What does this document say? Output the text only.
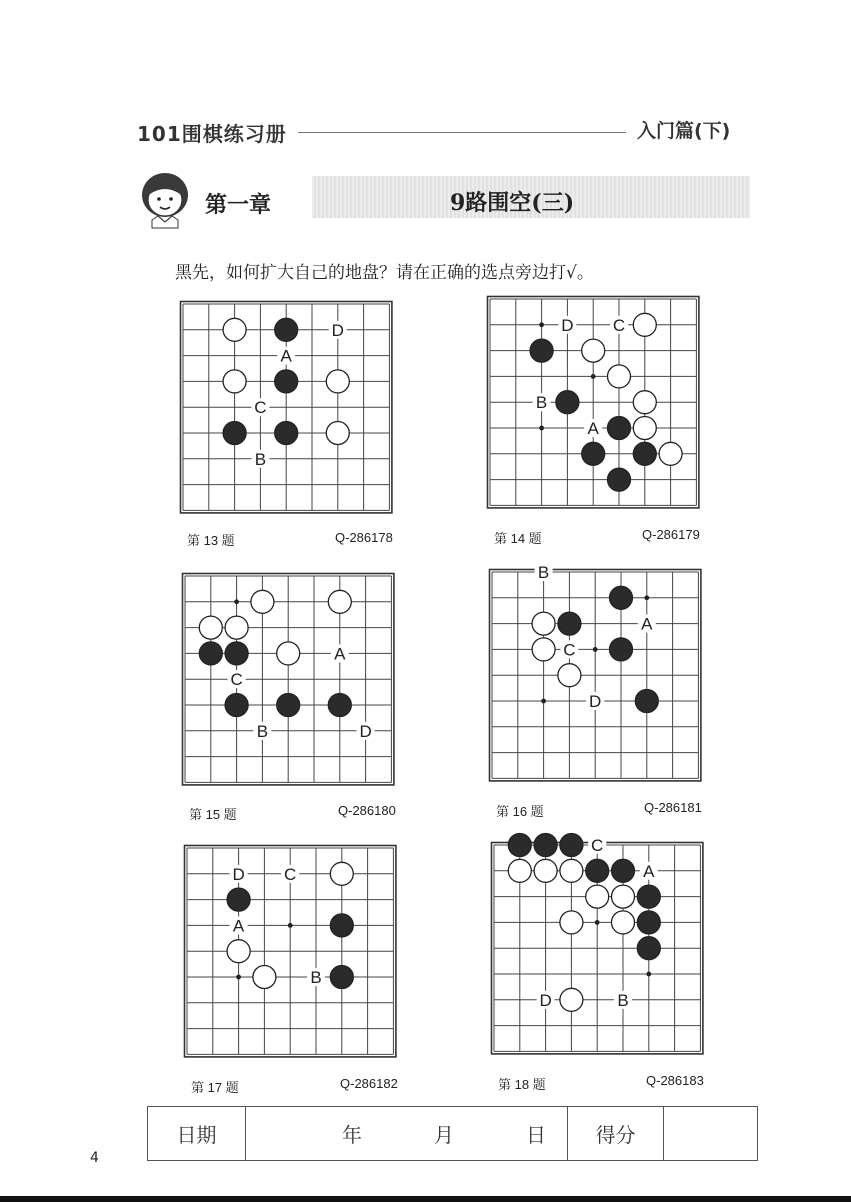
101围棋练习册	入门篇(下)
第一章	9路围空(三)
黑先，如何扩大自己的地盘？请在正确的选点旁边打√。
D
A
C
B
第 13 题	Q-286178
D C
B
A
第 14 题	Q-286179
A
C
B	D
第 15 题	Q-286180
B
A
C
D
第 16 题	Q-286181
D C
A
B
第 17 题	Q-286182
C
A
D	B
第 18 题	Q-286183
日期	年	月	日	得分
4
